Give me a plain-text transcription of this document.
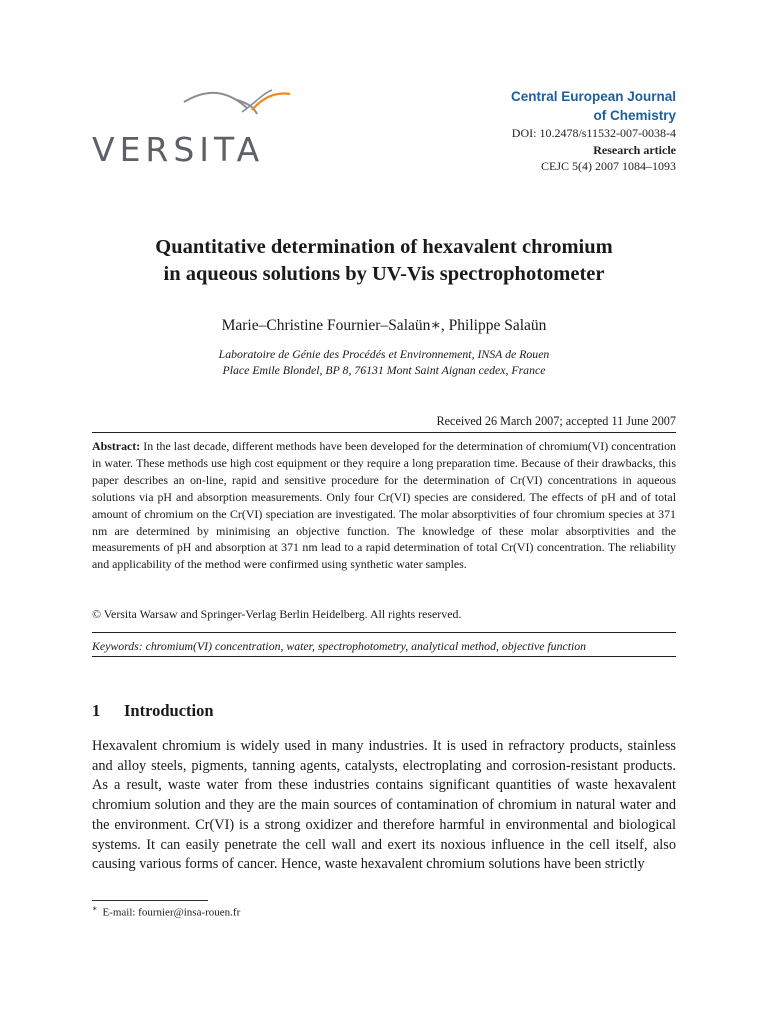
VERSITA
Central European Journal
of Chemistry
DOI: 10.2478/s11532-007-0038-4
Research article
CEJC 5(4) 2007 1084–1093
Quantitative determination of hexavalent chromium
in aqueous solutions by UV-Vis spectrophotometer
Marie–Christine Fournier–Salaün∗, Philippe Salaün
Laboratoire de Génie des Procédés et Environnement, INSA de Rouen
Place Emile Blondel, BP 8, 76131 Mont Saint Aignan cedex, France
Received 26 March 2007; accepted 11 June 2007
Abstract: In the last decade, different methods have been developed for the determination of chromium(VI) concentration in water. These methods use high cost equipment or they require a long preparation time. Because of their drawbacks, this paper describes an on-line, rapid and sensitive procedure for the determination of Cr(VI) concentrations in aqueous solutions via pH and absorption measurements. Only four Cr(VI) species are considered. The effects of pH and of total amount of chromium on the Cr(VI) speciation are investigated. The molar absorptivities of four chromium species at 371 nm are determined by minimising an objective function. The knowledge of these molar absorptivities and the measurements of pH and absorption at 371 nm lead to a rapid determination of total Cr(VI) concentration. The reliability and applicability of the method were confirmed using synthetic water samples.
© Versita Warsaw and Springer-Verlag Berlin Heidelberg. All rights reserved.
Keywords: chromium(VI) concentration, water, spectrophotometry, analytical method, objective function
1 Introduction
Hexavalent chromium is widely used in many industries. It is used in refractory products, stainless and alloy steels, pigments, tanning agents, catalysts, electroplating and corrosion-resistant products. As a result, waste water from these industries contains significant quantities of waste hexavalent chromium solution and they are the main sources of contamination of chromium in natural water and the environment. Cr(VI) is a strong oxidizer and therefore harmful in environmental and biological systems. It can easily penetrate the cell wall and exert its noxious influence in the cell itself, also causing various forms of cancer. Hence, waste hexavalent chromium solutions have been strictly
∗ E-mail: fournier@insa-rouen.fr
